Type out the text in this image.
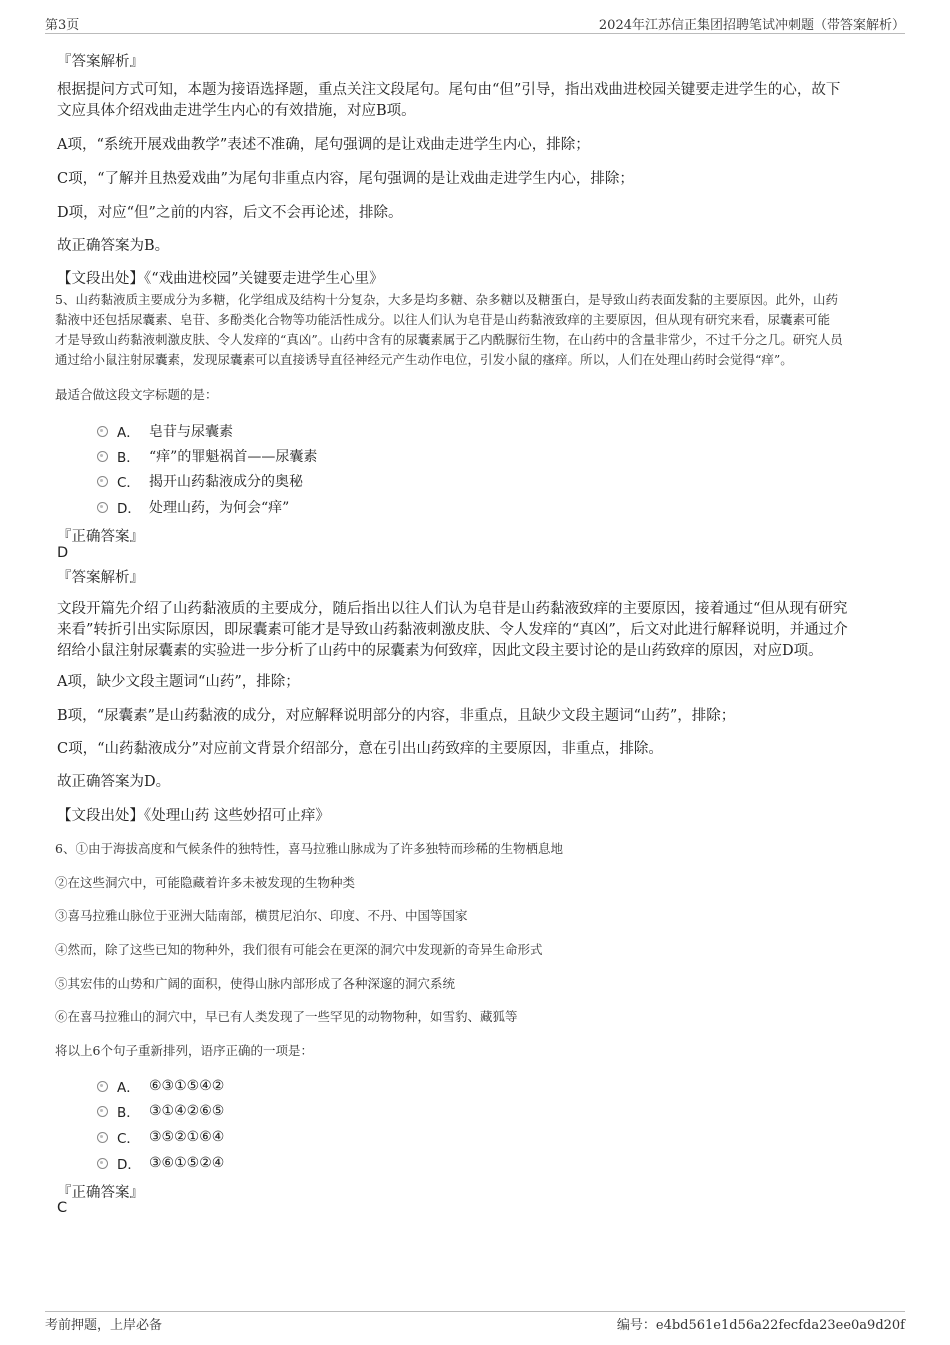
第3页	2024年江苏信正集团招聘笔试冲刺题（带答案解析）
『答案解析』
根据提问方式可知，本题为接语选择题，重点关注文段尾句。尾句由“但”引导，指出戏曲进校园关键要走进学生的心，故下
文应具体介绍戏曲走进学生内心的有效措施，对应B项。
A项，“系统开展戏曲教学”表述不准确，尾句强调的是让戏曲走进学生内心，排除；
C项，“了解并且热爱戏曲”为尾句非重点内容，尾句强调的是让戏曲走进学生内心，排除；
D项，对应“但”之前的内容，后文不会再论述，排除。
故正确答案为B。
【文段出处】《“戏曲进校园”关键要走进学生心里》
5、山药黏液质主要成分为多糖，化学组成及结构十分复杂，大多是均多糖、杂多糖以及糖蛋白，是导致山药表面发黏的主要原因。此外，山药
黏液中还包括尿囊素、皂苷、多酚类化合物等功能活性成分。以往人们认为皂苷是山药黏液致痒的主要原因，但从现有研究来看，尿囊素可能
才是导致山药黏液刺激皮肤、令人发痒的“真凶”。山药中含有的尿囊素属于乙内酰脲衍生物，在山药中的含量非常少，不过千分之几。研究人员
通过给小鼠注射尿囊素，发现尿囊素可以直接诱导直径神经元产生动作电位，引发小鼠的瘙痒。所以，人们在处理山药时会觉得“痒”。
最适合做这段文字标题的是：
A． 皂苷与尿囊素
B． “痒”的罪魁祸首——尿囊素
C． 揭开山药黏液成分的奥秘
D． 处理山药，为何会“痒”
『正确答案』
D
『答案解析』
文段开篇先介绍了山药黏液质的主要成分，随后指出以往人们认为皂苷是山药黏液致痒的主要原因，接着通过“但从现有研究
来看”转折引出实际原因，即尿囊素可能才是导致山药黏液刺激皮肤、令人发痒的“真凶”，后文对此进行解释说明，并通过介
绍给小鼠注射尿囊素的实验进一步分析了山药中的尿囊素为何致痒，因此文段主要讨论的是山药致痒的原因，对应D项。
A项，缺少文段主题词“山药”，排除；
B项，“尿囊素”是山药黏液的成分，对应解释说明部分的内容，非重点，且缺少文段主题词“山药”，排除；
C项，“山药黏液成分”对应前文背景介绍部分，意在引出山药致痒的主要原因，非重点，排除。
故正确答案为D。
【文段出处】《处理山药 这些妙招可止痒》
6、①由于海拔高度和气候条件的独特性，喜马拉雅山脉成为了许多独特而珍稀的生物栖息地
②在这些洞穴中，可能隐藏着许多未被发现的生物种类
③喜马拉雅山脉位于亚洲大陆南部，横贯尼泊尔、印度、不丹、中国等国家
④然而，除了这些已知的物种外，我们很有可能会在更深的洞穴中发现新的奇异生命形式
⑤其宏伟的山势和广阔的面积，使得山脉内部形成了各种深邃的洞穴系统
⑥在喜马拉雅山的洞穴中，早已有人类发现了一些罕见的动物物种，如雪豹、藏狐等
将以上6个句子重新排列，语序正确的一项是：
A． ⑥③①⑤④②
B． ③①④②⑥⑤
C． ③⑤②①⑥④
D． ③⑥①⑤②④
『正确答案』
C
考前押题，上岸必备	编号：e4bd561e1d56a22fecfda23ee0a9d20f
